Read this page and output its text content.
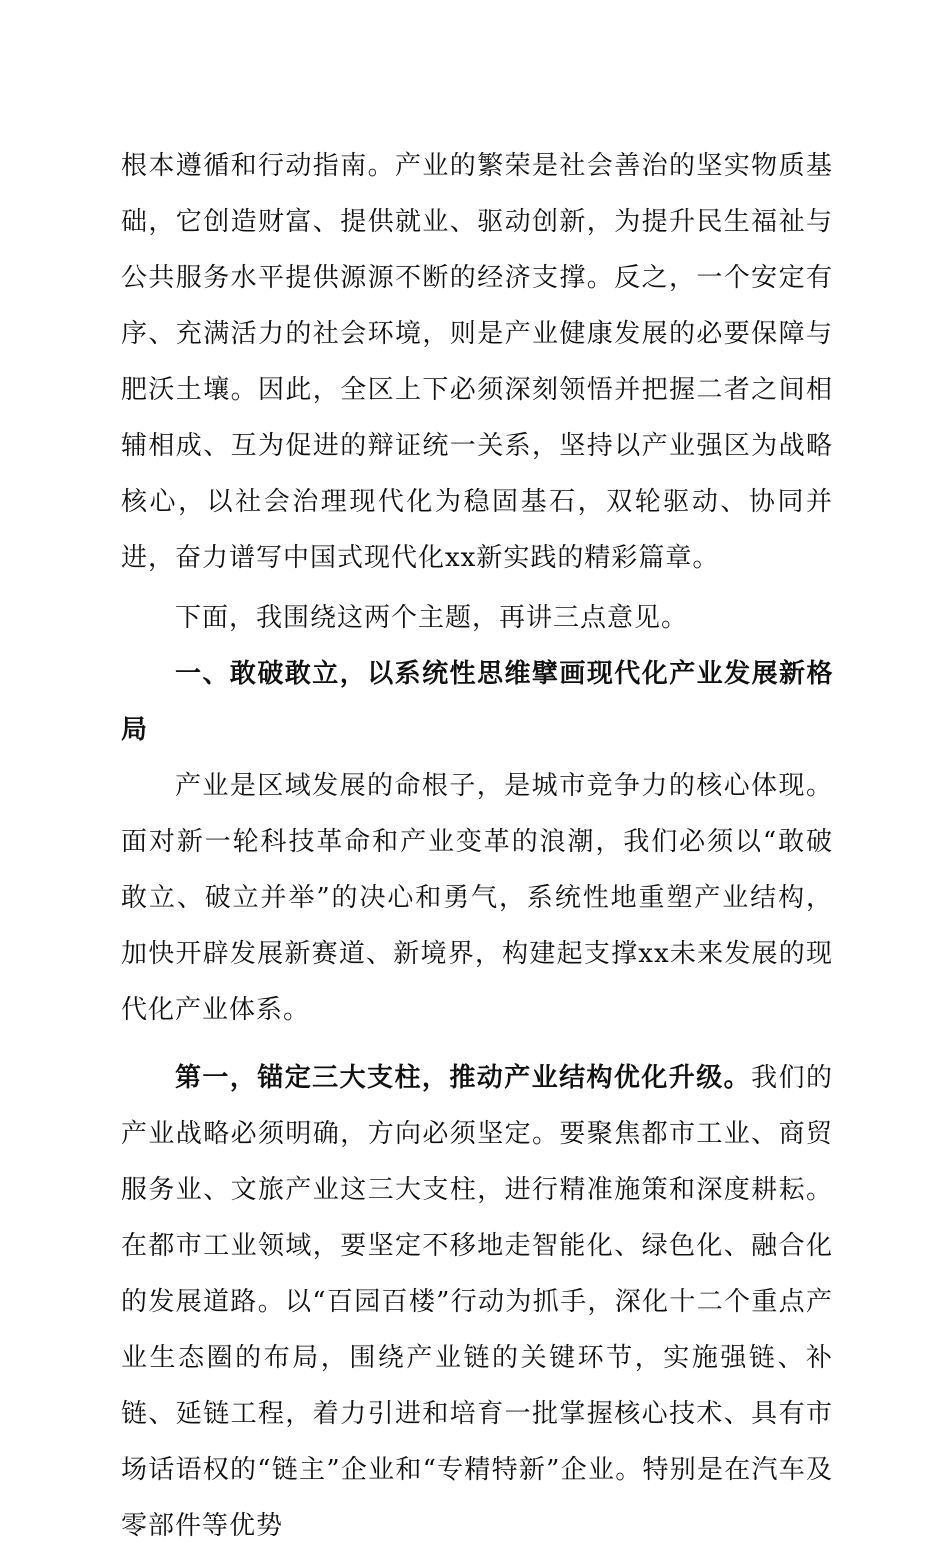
根本遵循和行动指南。产业的繁荣是社会善治的坚实物质基础，它创造财富、提供就业、驱动创新，为提升民生福祉与公共服务水平提供源源不断的经济支撑。反之，一个安定有序、充满活力的社会环境，则是产业健康发展的必要保障与肥沃土壤。因此，全区上下必须深刻领悟并把握二者之间相辅相成、互为促进的辩证统一关系，坚持以产业强区为战略核心，以社会治理现代化为稳固基石，双轮驱动、协同并进，奋力谱写中国式现代化xx新实践的精彩篇章。

下面，我围绕这两个主题，再讲三点意见。

一、敢破敢立，以系统性思维擘画现代化产业发展新格局

产业是区域发展的命根子，是城市竞争力的核心体现。面对新一轮科技革命和产业变革的浪潮，我们必须以“敢破敢立、破立并举”的决心和勇气，系统性地重塑产业结构，加快开辟发展新赛道、新境界，构建起支撑xx未来发展的现代化产业体系。

第一，锚定三大支柱，推动产业结构优化升级。我们的产业战略必须明确，方向必须坚定。要聚焦都市工业、商贸服务业、文旅产业这三大支柱，进行精准施策和深度耕耘。在都市工业领域，要坚定不移地走智能化、绿色化、融合化的发展道路。以“百园百楼”行动为抓手，深化十二个重点产业生态圈的布局，围绕产业链的关键环节，实施强链、补链、延链工程，着力引进和培育一批掌握核心技术、具有市场话语权的“链主”企业和“专精特新”企业。特别是在汽车及零部件等优势
